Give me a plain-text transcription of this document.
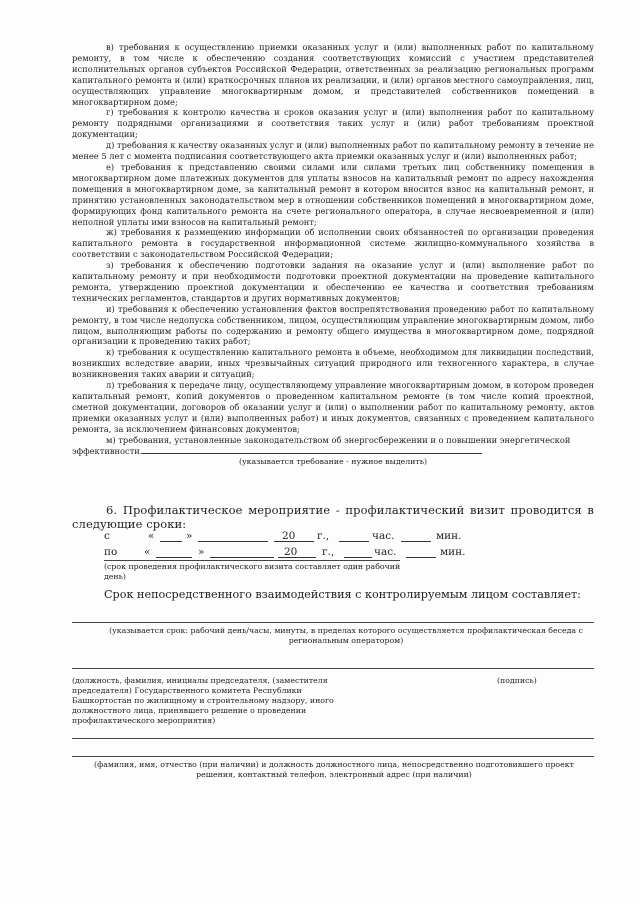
в) требования к осуществлению приемки оказанных услуг и (или) выполненных работ по капитальному ремонту, в том числе к обеспечению создания соответствующих комиссий с участием представителей исполнительных органов субъектов Российской Федерации, ответственных за реализацию региональных программ капитального ремонта и (или) краткосрочных планов их реализации, и (или) органов местного самоуправления, лиц, осуществляющих управление многоквартирным домом, и представителей собственников помещений в многоквартирном доме;

г) требования к контролю качества и сроков оказания услуг и (или) выполнения работ по капитальному ремонту подрядными организациями и соответствия таких услуг и (или) работ требованиям проектной документации;

д) требования к качеству оказанных услуг и (или) выполненных работ по капитальному ремонту в течение не менее 5 лет с момента подписания соответствующего акта приемки оказанных услуг и (или) выполненных работ;

е) требования к представлению своими силами или силами третьих лиц собственнику помещения в многоквартирном доме платежных документов для уплаты взносов на капитальный ремонт по адресу нахождения помещения в многоквартирном доме, за капитальный ремонт в котором вносится взнос на капитальный ремонт, и принятию установленных законодательством мер в отношении собственников помещений в многоквартирном доме, формирующих фонд капитального ремонта на счете регионального оператора, в случае несвоевременной и (или) неполной уплаты ими взносов на капитальный ремонт;

ж) требования к размещению информации об исполнении своих обязанностей по организации проведения капитального ремонта в государственной информационной системе жилищно-коммунального хозяйства в соответствии с законодательством Российской Федерации;

з) требования к обеспечению подготовки задания на оказание услуг и (или) выполнение работ по капитальному ремонту и при необходимости подготовки проектной документации на проведение капитального ремонта, утверждению проектной документации и обеспечению ее качества и соответствия требованиям технических регламентов, стандартов и других нормативных документов;

и) требования к обеспечению установления фактов воспрепятствования проведению работ по капитальному ремонту, в том числе недопуска собственником, лицом, осуществляющим управление многоквартирным домом, либо лицом, выполняющим работы по содержанию и ремонту общего имущества в многоквартирном доме, подрядной организации к проведению таких работ;

к) требования к осуществлению капитального ремонта в объеме, необходимом для ликвидации последствий, возникших вследствие аварии, иных чрезвычайных ситуаций природного или техногенного характера, в случае возникновения таких аварии и ситуаций;

л) требования к передаче лицу, осуществляющему управление многоквартирным домом, в котором проведен капитальный ремонт, копий документов о проведенном капитальном ремонте (в том числе копий проектной, сметной документации, договоров об оказании услуг и (или) о выполнении работ по капитальному ремонту, актов приемки оказанных услуг и (или) выполненных работ) и иных документов, связанных с проведением капитального ремонта, за исключением финансовых документов;

м) требования, установленные законодательством об энергосбережении и о повышении энергетической эффективности.

(указывается требование - нужное выделить)

6. Профилактическое мероприятие - профилактический визит проводится в следующие сроки:

с	«	»	20 г.,	час.	мин.
по	«	»	20 г.,	час.	мин.
(срок проведения профилактического визита составляет один рабочий день)
Срок непосредственного взаимодействия с контролируемым лицом составляет:
(указывается срок: рабочий день/часы, минуты, в пределах которого осуществляется профилактическая беседа с региональным оператором)
(должность, фамилия, инициалы председателя, (заместителя председателя) Государственного комитета Республики Башкортостан по жилищному и строительному надзору, иного должностного лица, принявшего решение о проведении профилактического мероприятия)
(подпись)
(фамилия, имя, отчество (при наличии) и должность должностного лица, непосредственно подготовившего проект решения, контактный телефон, электронный адрес (при наличии)
